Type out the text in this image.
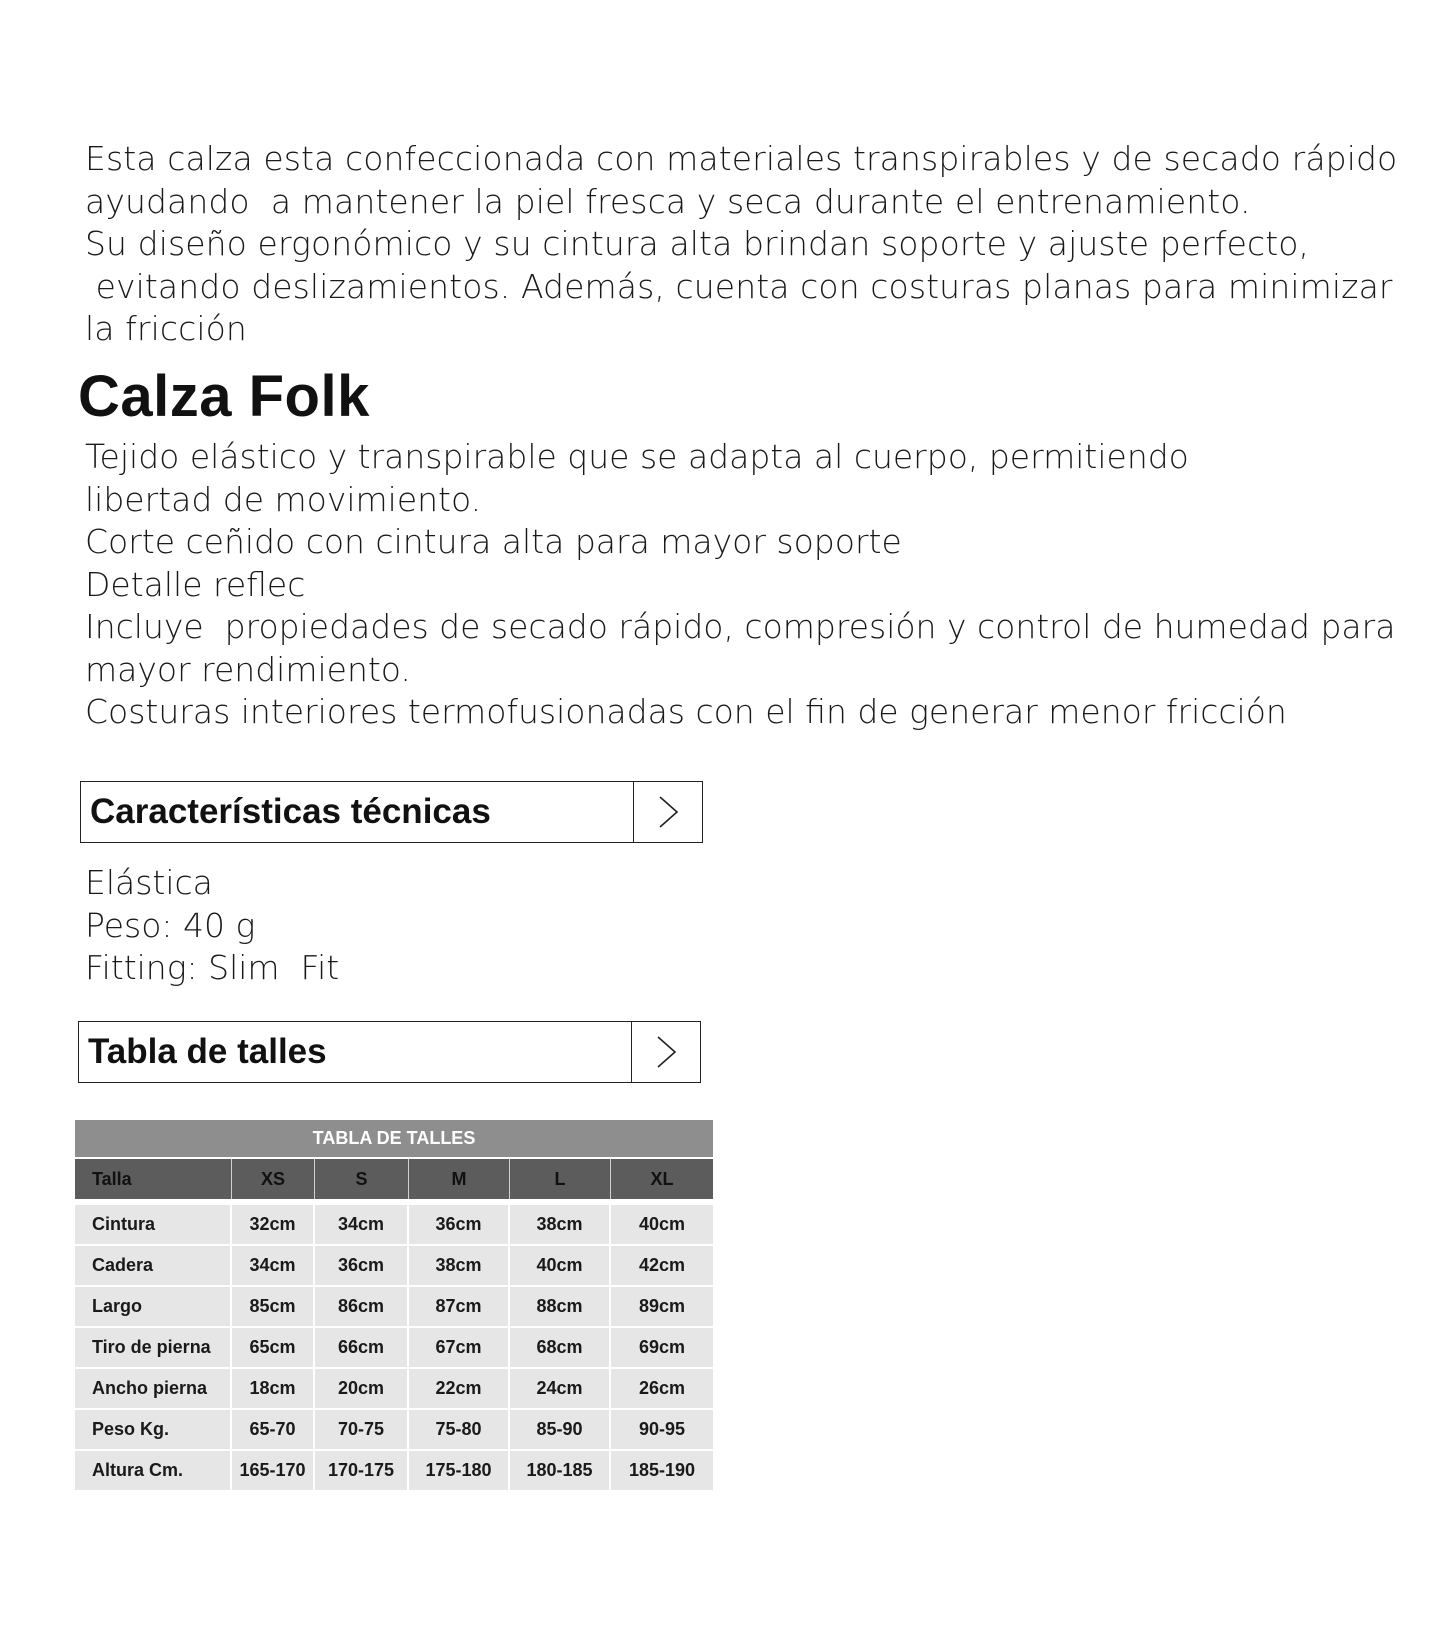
Esta calza esta confeccionada con materiales transpirables y de secado rápido
ayudando  a mantener la piel fresca y seca durante el entrenamiento.
Su diseño ergonómico y su cintura alta brindan soporte y ajuste perfecto,
evitando deslizamientos. Además, cuenta con costuras planas para minimizar
la fricción
Calza Folk
Tejido elástico y transpirable que se adapta al cuerpo, permitiendo
libertad de movimiento.
Corte ceñido con cintura alta para mayor soporte
Detalle reflec
Incluye  propiedades de secado rápido, compresión y control de humedad para
mayor rendimiento.
Costuras interiores termofusionadas con el fin de generar menor fricción
Características técnicas
Elástica
Peso: 40 g
Fitting: Slim  Fit
Tabla de talles
TABLA DE TALLES
Talla	XS	S	M	L	XL
Cintura	32cm	34cm	36cm	38cm	40cm
Cadera	34cm	36cm	38cm	40cm	42cm
Largo	85cm	86cm	87cm	88cm	89cm
Tiro de pierna	65cm	66cm	67cm	68cm	69cm
Ancho pierna	18cm	20cm	22cm	24cm	26cm
Peso Kg.	65-70	70-75	75-80	85-90	90-95
Altura Cm.	165-170	170-175	175-180	180-185	185-190
